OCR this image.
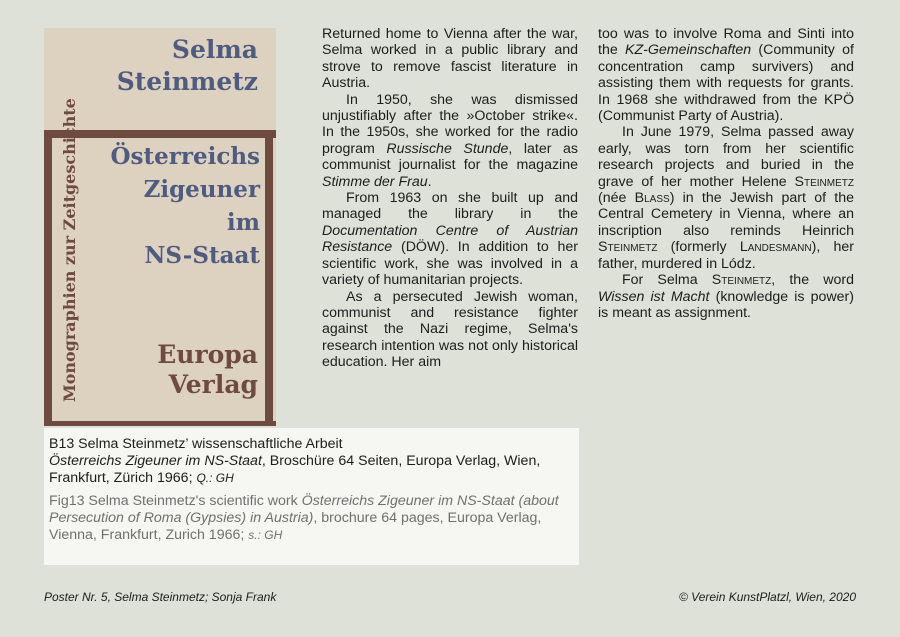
Selma
Steinmetz
Österreichs
Zigeuner
im
NS-Staat
Monographien zur Zeitgeschichte	Europa
Verlag

Returned home to Vienna after the war, Selma worked in a public library and strove to remove fascist literature in Austria.

In 1950, she was dismissed unjustifiably after the »October strike«. In the 1950s, she worked for the radio program Russische Stunde, later as communist journalist for the magazine Stimme der Frau.

From 1963 on she built up and managed the library in the Documentation Centre of Austrian Resistance (DÖW). In addition to her scientific work, she was involved in a variety of humanitarian projects.

As a persecuted Jewish woman, communist and resistance fighter against the Nazi regime, Selma's research intention was not only historical education. Her aim

too was to involve Roma and Sinti into the KZ-Gemeinschaften (Community of concentration camp survivers) and assisting them with requests for grants. In 1968 she withdrawed from the KPÖ (Communist Party of Austria).

In June 1979, Selma passed away early, was torn from her scientific research projects and buried in the grave of her mother Helene Steinmetz (née Blass) in the Jewish part of the Central Cemetery in Vienna, where an inscription also reminds Heinrich Steinmetz (formerly Landesmann), her father, murdered in Lódz.

For Selma Steinmetz, the word Wissen ist Macht (knowledge is power) is meant as assignment.

B13 Selma Steinmetz’ wissenschaftliche Arbeit
Österreichs Zigeuner im NS-Staat, Broschüre 64 Seiten, Europa Verlag, Wien, Frankfurt, Zürich 1966; Q.: GH
Fig13 Selma Steinmetz's scientific work Österreichs Zigeuner im NS-Staat (about Persecution of Roma (Gypsies) in Austria), brochure 64 pages, Europa Verlag, Vienna, Frankfurt, Zurich 1966; s.: GH
Poster Nr. 5, Selma Steinmetz; Sonja Frank	© Verein KunstPlatzl, Wien, 2020
